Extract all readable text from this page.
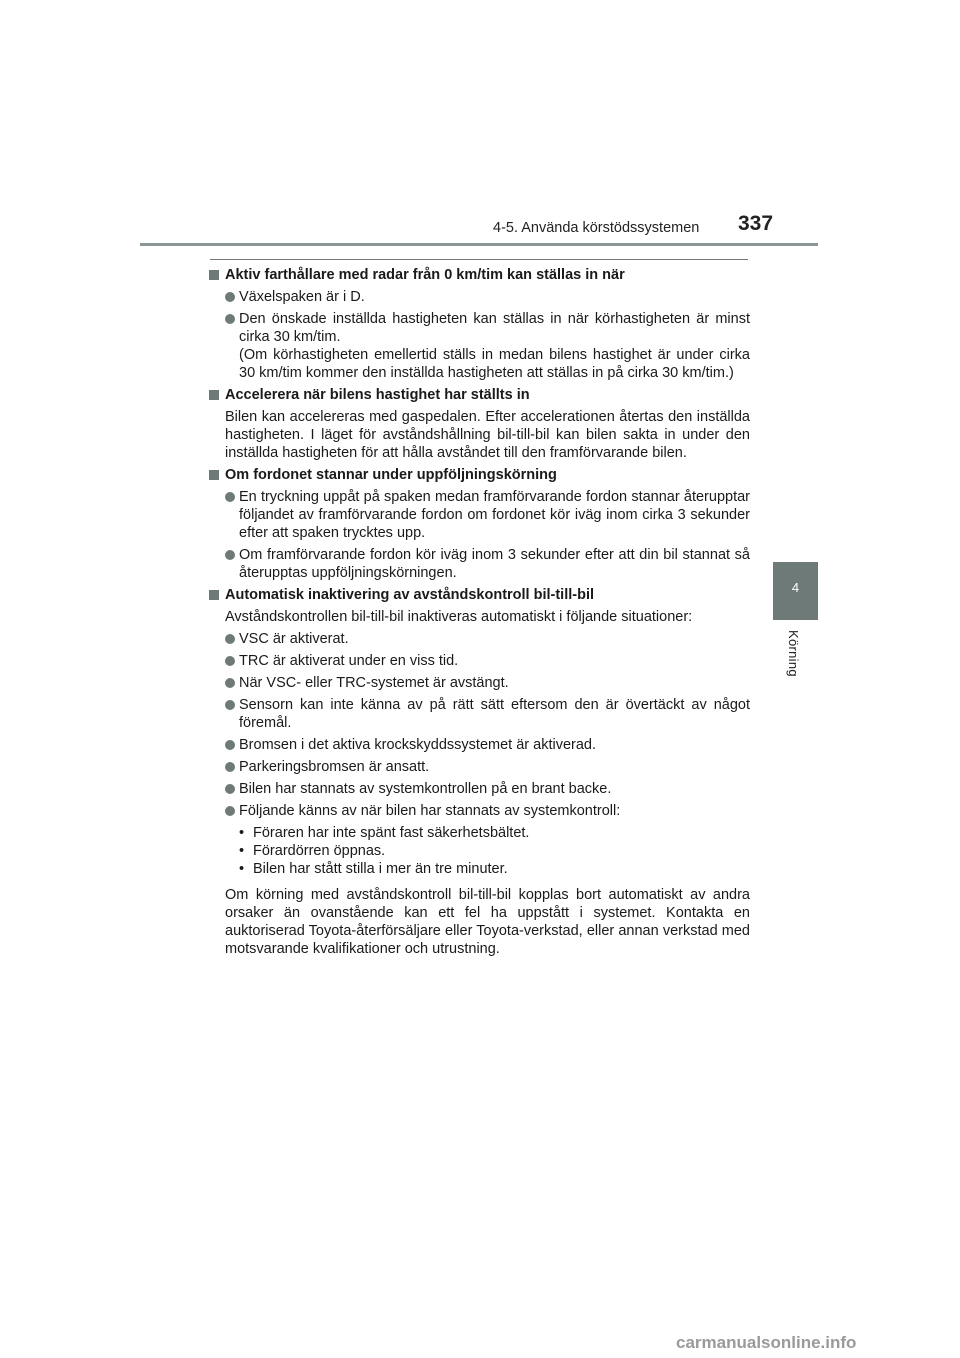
4-5. Använda körstödssystemen 337
4
Körning
Aktiv farthållare med radar från 0 km/tim kan ställas in när
Växelspaken är i D.
Den önskade inställda hastigheten kan ställas in när körhastigheten är minst cirka 30 km/tim.
(Om körhastigheten emellertid ställs in medan bilens hastighet är under cirka 30 km/tim kommer den inställda hastigheten att ställas in på cirka 30 km/tim.)
Accelerera när bilens hastighet har ställts in
Bilen kan accelereras med gaspedalen. Efter accelerationen återtas den inställda hastigheten. I läget för avståndshållning bil-till-bil kan bilen sakta in under den inställda hastigheten för att hålla avståndet till den framförvarande bilen.
Om fordonet stannar under uppföljningskörning
En tryckning uppåt på spaken medan framförvarande fordon stannar återupptar följandet av framförvarande fordon om fordonet kör iväg inom cirka 3 sekunder efter att spaken trycktes upp.
Om framförvarande fordon kör iväg inom 3 sekunder efter att din bil stannat så återupptas uppföljningskörningen.
Automatisk inaktivering av avståndskontroll bil-till-bil
Avståndskontrollen bil-till-bil inaktiveras automatiskt i följande situationer:
VSC är aktiverat.
TRC är aktiverat under en viss tid.
När VSC- eller TRC-systemet är avstängt.
Sensorn kan inte känna av på rätt sätt eftersom den är övertäckt av något föremål.
Bromsen i det aktiva krockskyddssystemet är aktiverad.
Parkeringsbromsen är ansatt.
Bilen har stannats av systemkontrollen på en brant backe.
Följande känns av när bilen har stannats av systemkontroll:
• Föraren har inte spänt fast säkerhetsbältet.
• Förardörren öppnas.
• Bilen har stått stilla i mer än tre minuter.
Om körning med avståndskontroll bil-till-bil kopplas bort automatiskt av andra orsaker än ovanstående kan ett fel ha uppstått i systemet. Kontakta en auktoriserad Toyota-återförsäljare eller Toyota-verkstad, eller annan verkstad med motsvarande kvalifikationer och utrustning.
carmanualsonline.info
